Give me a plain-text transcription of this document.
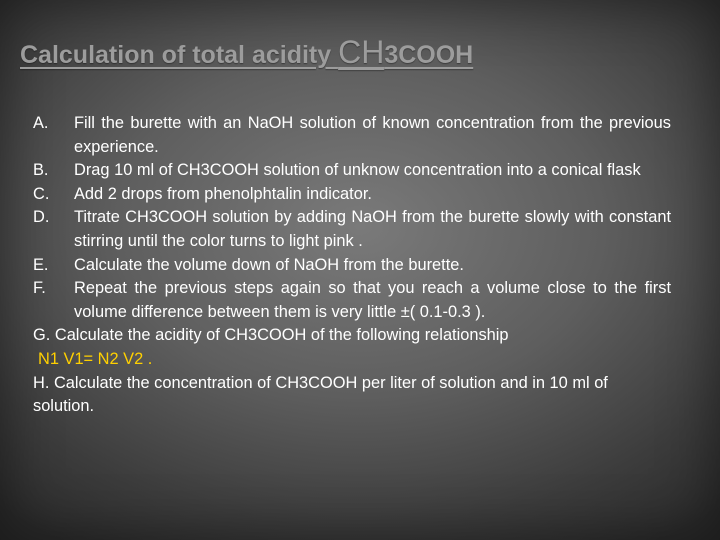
Calculation of total acidity CH3COOH
A.	Fill the burette with an NaOH solution of known concentration from the previous experience.
B.	Drag 10 ml of CH3COOH solution of unknow concentration into a conical flask
C.	Add 2 drops from phenolphtalin indicator.
D.	Titrate CH3COOH solution by adding NaOH from the burette slowly with constant stirring until the color turns to light pink .
E.	Calculate the volume down of NaOH from the burette.
F.	Repeat the previous steps again so that you reach a volume close to the first volume difference between them is very little ±( 0.1-0.3 ).
G. Calculate the acidity of CH3COOH of the following relationship
N1 V1= N2 V2 .
H. Calculate the concentration of CH3COOH per liter of solution and in 10 ml of solution.
